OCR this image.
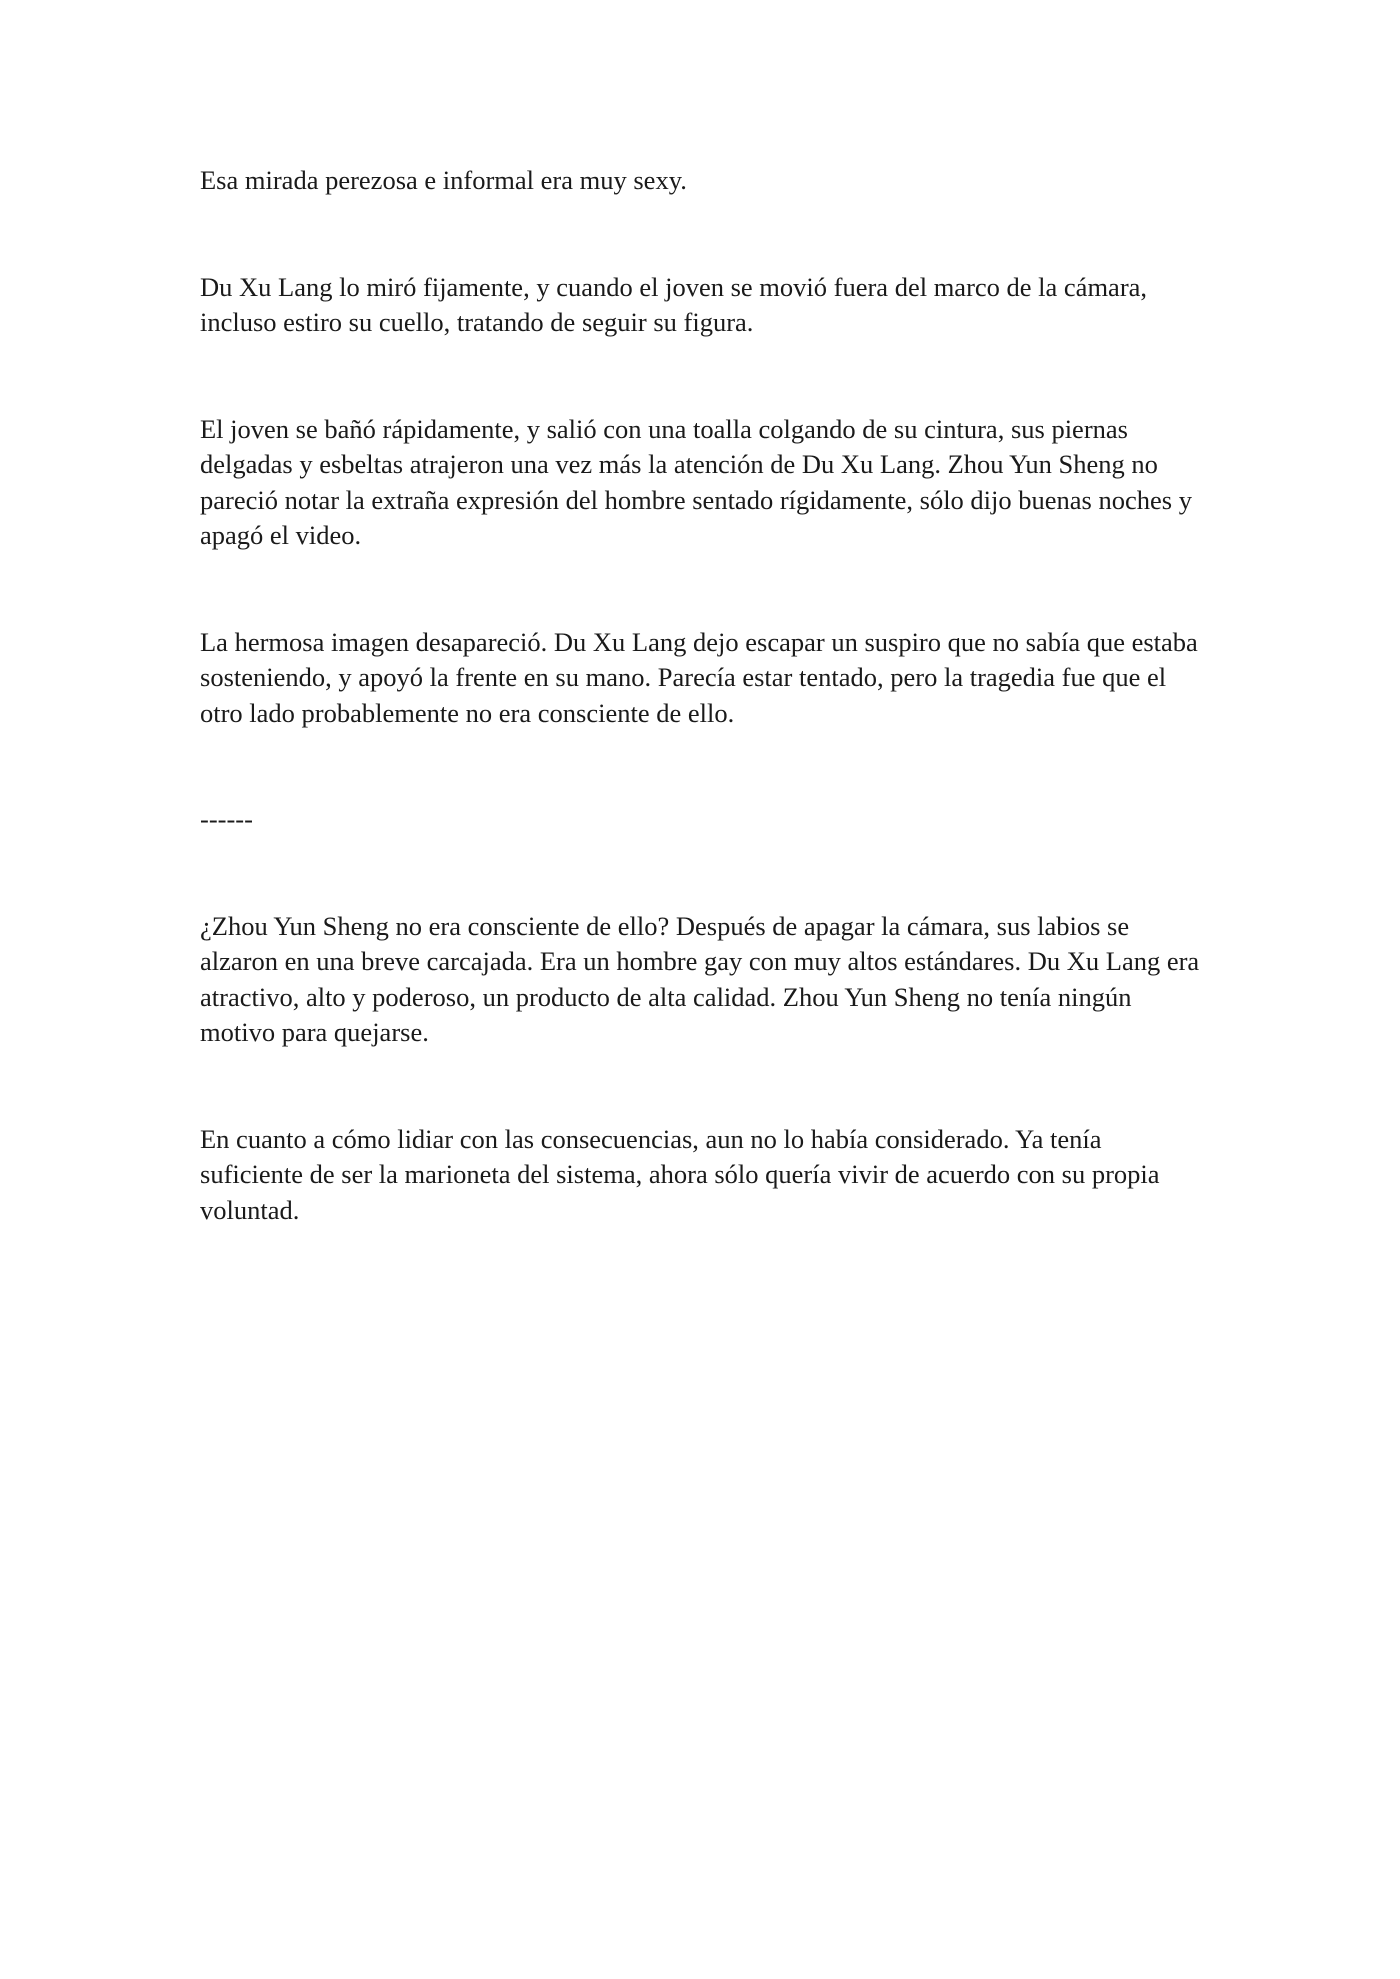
Esa mirada perezosa e informal era muy sexy.

Du Xu Lang lo miró fijamente, y cuando el joven se movió fuera del marco de la cámara, incluso estiro su cuello, tratando de seguir su figura.

El joven se bañó rápidamente, y salió con una toalla colgando de su cintura, sus piernas delgadas y esbeltas atrajeron una vez más la atención de Du Xu Lang. Zhou Yun Sheng no pareció notar la extraña expresión del hombre sentado rígidamente, sólo dijo buenas noches y apagó el video.

La hermosa imagen desapareció. Du Xu Lang dejo escapar un suspiro que no sabía que estaba sosteniendo, y apoyó la frente en su mano. Parecía estar tentado, pero la tragedia fue que el otro lado probablemente no era consciente de ello.

------

¿Zhou Yun Sheng no era consciente de ello? Después de apagar la cámara, sus labios se alzaron en una breve carcajada. Era un hombre gay con muy altos estándares. Du Xu Lang era atractivo, alto y poderoso, un producto de alta calidad. Zhou Yun Sheng no tenía ningún motivo para quejarse.

En cuanto a cómo lidiar con las consecuencias, aun no lo había considerado. Ya tenía suficiente de ser la marioneta del sistema, ahora sólo quería vivir de acuerdo con su propia voluntad.
